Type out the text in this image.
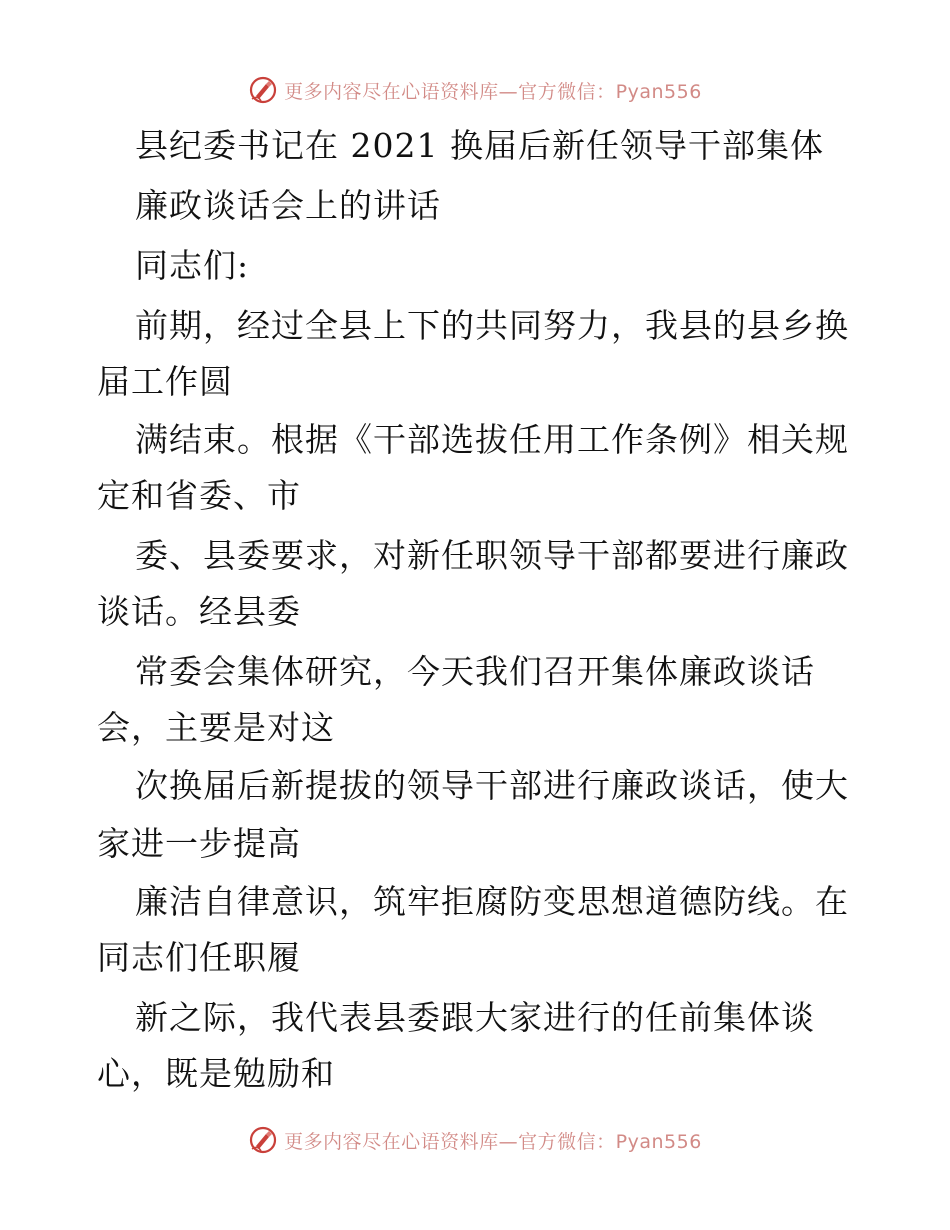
更多内容尽在心语资料库—官方微信：Pyan556
县纪委书记在 2021 换届后新任领导干部集体
廉政谈话会上的讲话
同志们:
前期，经过全县上下的共同努力，我县的县乡换
届工作圆
满结束。根据《干部选拔任用工作条例》相关规
定和省委、市
委、县委要求，对新任职领导干部都要进行廉政
谈话。经县委
常委会集体研究，今天我们召开集体廉政谈话
会，主要是对这
次换届后新提拔的领导干部进行廉政谈话，使大
家进一步提高
廉洁自律意识，筑牢拒腐防变思想道德防线。在
同志们任职履
新之际，我代表县委跟大家进行的任前集体谈
心，既是勉励和
更多内容尽在心语资料库—官方微信：Pyan556
